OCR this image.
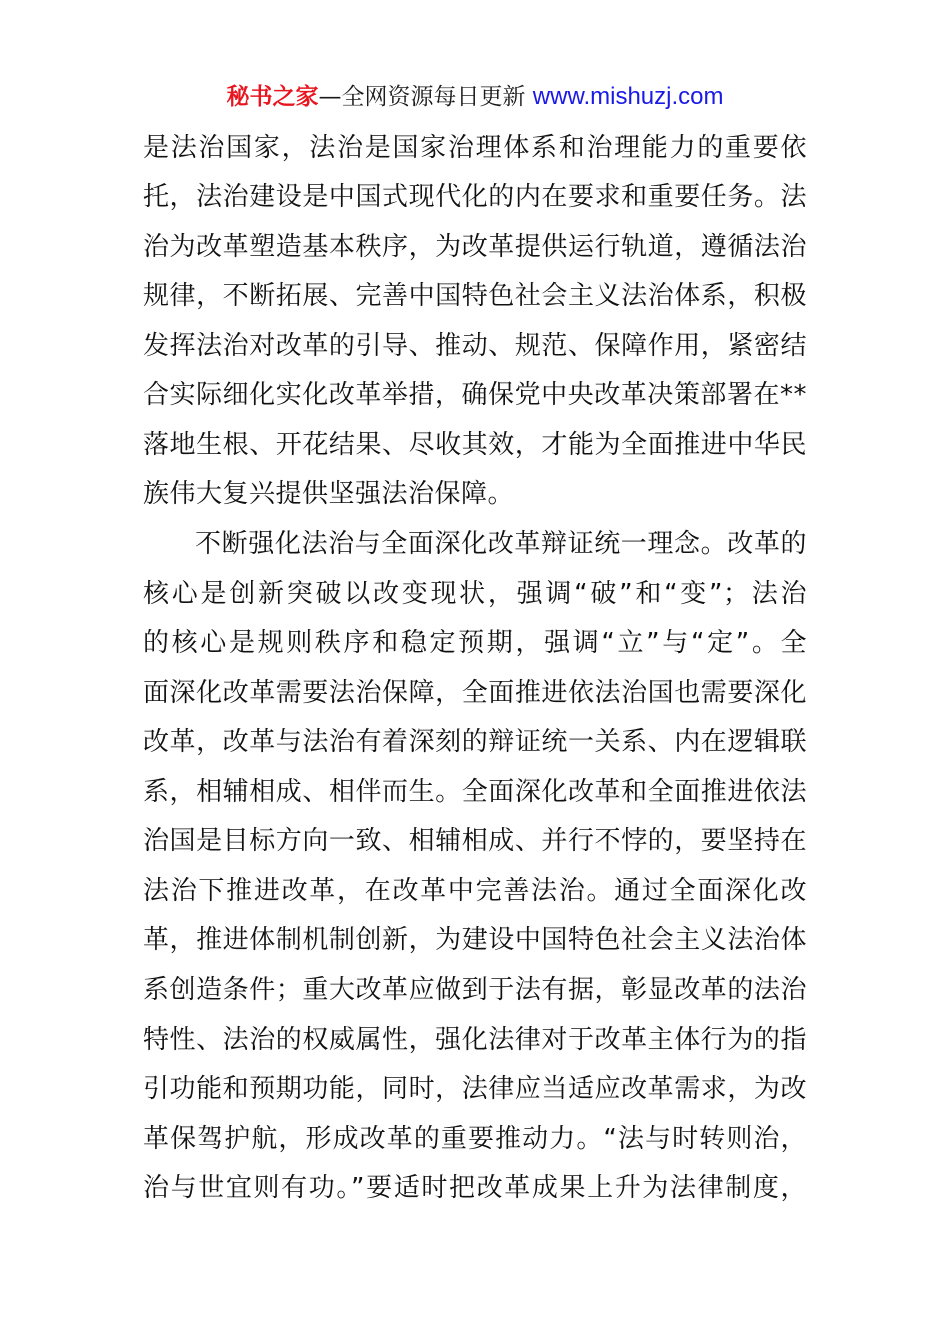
秘书之家—全网资源每日更新 www.mishuzj.com
是法治国家，法治是国家治理体系和治理能力的重要依
托，法治建设是中国式现代化的内在要求和重要任务。法
治为改革塑造基本秩序，为改革提供运行轨道，遵循法治
规律，不断拓展、完善中国特色社会主义法治体系，积极
发挥法治对改革的引导、推动、规范、保障作用，紧密结
合实际细化实化改革举措，确保党中央改革决策部署在**
落地生根、开花结果、尽收其效，才能为全面推进中华民
族伟大复兴提供坚强法治保障。
不断强化法治与全面深化改革辩证统一理念。改革的
核心是创新突破以改变现状，强调“破”和“变”；法治
的核心是规则秩序和稳定预期，强调“立”与“定”。全
面深化改革需要法治保障，全面推进依法治国也需要深化
改革，改革与法治有着深刻的辩证统一关系、内在逻辑联
系，相辅相成、相伴而生。全面深化改革和全面推进依法
治国是目标方向一致、相辅相成、并行不悖的，要坚持在
法治下推进改革，在改革中完善法治。通过全面深化改
革，推进体制机制创新，为建设中国特色社会主义法治体
系创造条件；重大改革应做到于法有据，彰显改革的法治
特性、法治的权威属性，强化法律对于改革主体行为的指
引功能和预期功能，同时，法律应当适应改革需求，为改
革保驾护航，形成改革的重要推动力。“法与时转则治，
治与世宜则有功。”要适时把改革成果上升为法律制度，
